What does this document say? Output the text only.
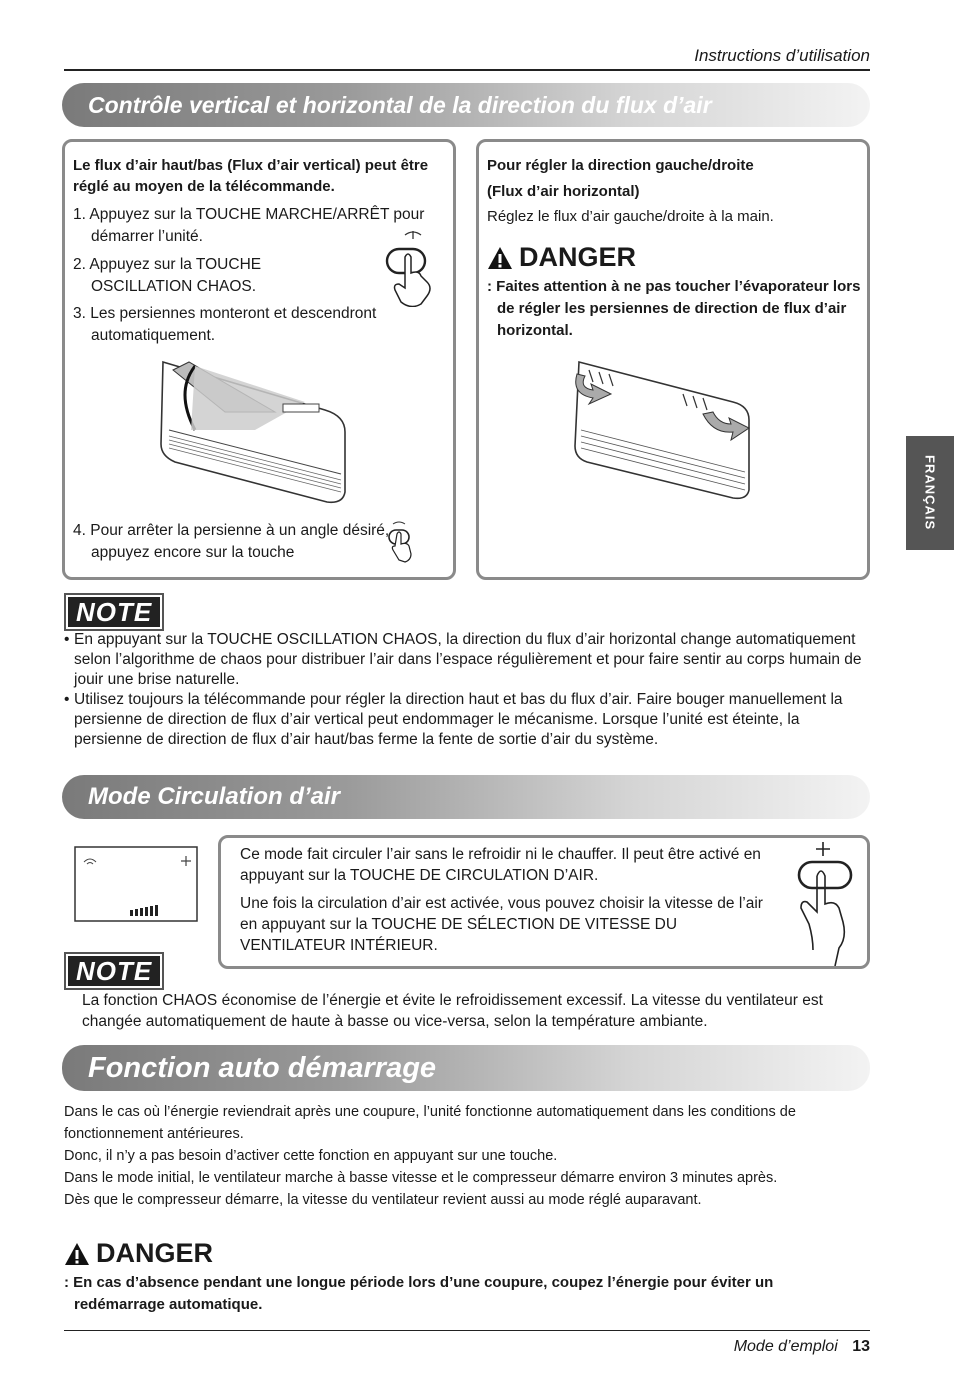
Instructions d’utilisation
FRANÇAIS
Contrôle vertical et horizontal de la direction du flux d’air
Le flux d’air haut/bas (Flux d’air vertical) peut être réglé au moyen de la télécommande.
1. Appuyez sur la TOUCHE MARCHE/ARRÊT pour démarrer l’unité.
2. Appuyez sur la TOUCHE OSCILLATION CHAOS.
3. Les persiennes monteront et descendront automatiquement.
4. Pour arrêter la persienne à un angle désiré, appuyez encore sur la touche
Pour régler la direction gauche/droite
(Flux d’air horizontal)
Réglez le flux d’air gauche/droite à la main.
DANGER
: Faites attention à ne pas toucher l’évaporateur lors de régler les persiennes de direction de flux d’air horizontal.
NOTE
• En appuyant sur la TOUCHE OSCILLATION CHAOS, la direction du flux d’air horizontal change automatiquement selon l’algorithme de chaos pour distribuer l’air dans l’espace régulièrement et pour faire sentir au corps humain de jouir une brise naturelle.
• Utilisez toujours la télécommande pour régler la direction haut et bas du flux d’air. Faire bouger manuellement la persienne de direction de flux d’air vertical peut endommager le mécanisme. Lorsque l’unité est éteinte, la persienne de direction de flux d’air haut/bas ferme la fente de sortie d’air du système.
Mode Circulation d’air
Ce mode fait circuler l’air sans le refroidir ni le chauffer. Il peut être activé en appuyant sur la TOUCHE DE CIRCULATION D’AIR.
Une fois la circulation d’air est activée, vous pouvez choisir la vitesse de l’air en appuyant sur la TOUCHE DE SÉLECTION DE VITESSE DU VENTILATEUR INTÉRIEUR.
NOTE
La fonction CHAOS économise de l’énergie et évite le refroidissement excessif. La vitesse du ventilateur est changée automatiquement de haute à basse ou vice-versa, selon la température ambiante.
Fonction auto démarrage
Dans le cas où l’énergie reviendrait après une coupure, l’unité fonctionne automatiquement dans les conditions de fonctionnement antérieures.
Donc, il n’y a pas besoin d’activer cette fonction en appuyant sur une touche.
Dans le mode initial, le ventilateur marche à basse vitesse et le compresseur démarre environ 3 minutes après.
Dès que le compresseur démarre, la vitesse du ventilateur revient aussi au mode réglé auparavant.
DANGER
: En cas d’absence pendant une longue période lors d’une coupure, coupez l’énergie pour éviter un redémarrage automatique.
Mode d’emploi 13
